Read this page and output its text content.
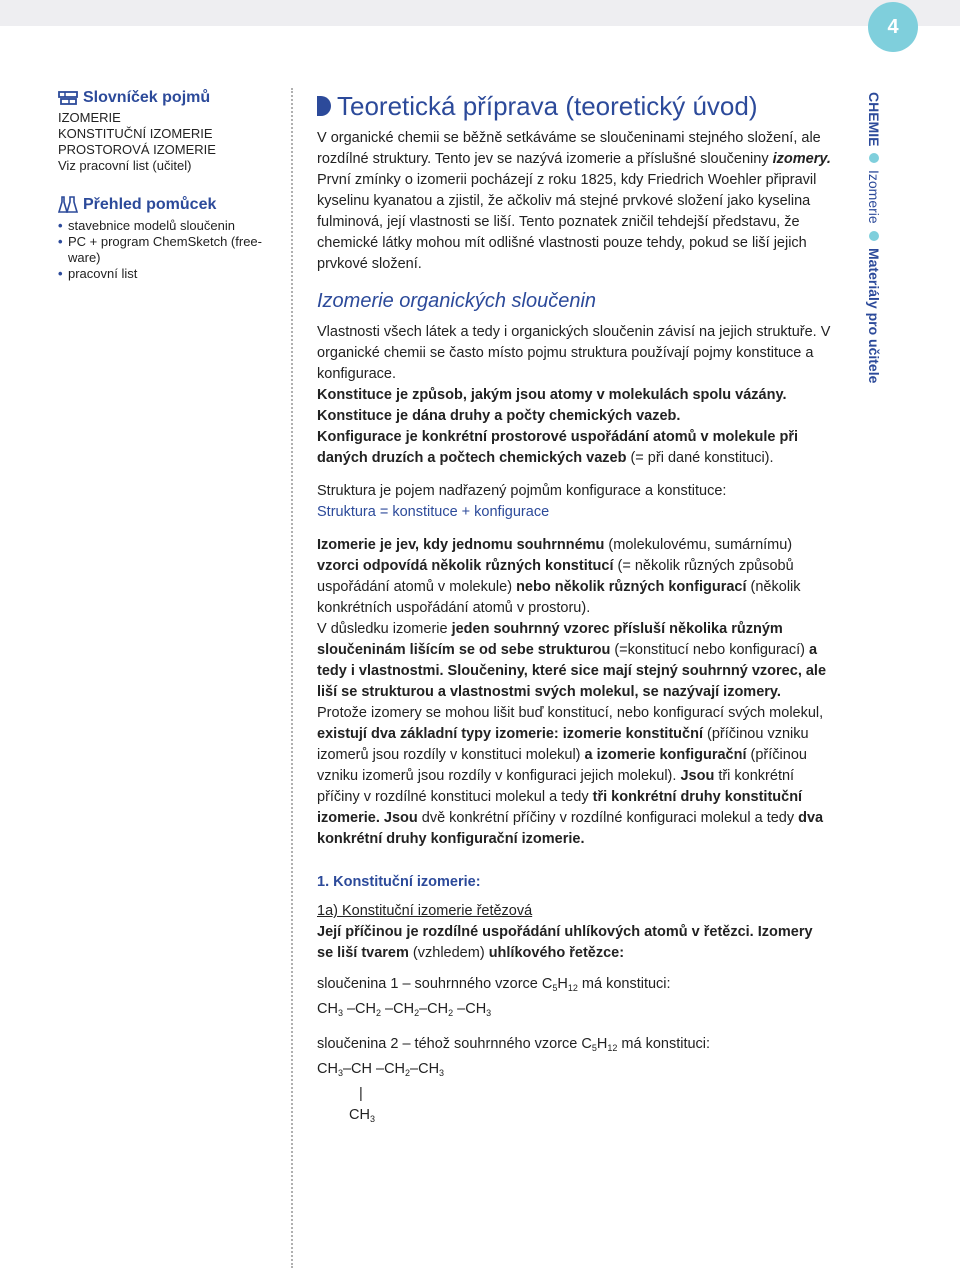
4
CHEMIE
Izomerie
Materiály pro učitele
Slovníček pojmů
IZOMERIE
KONSTITUČNÍ IZOMERIE
PROSTOROVÁ IZOMERIE
Viz pracovní list (učitel)
Přehled pomůcek
• stavebnice modelů sloučenin
• PC + program ChemSketch (free-ware)
• pracovní list
Teoretická příprava (teoretický úvod)

V organické chemii se běžně setkáváme se sloučeninami stejného složení, ale rozdílné struktury. Tento jev se nazývá izomerie a příslušné sloučeniny izomery.

První zmínky o izomerii pocházejí z roku 1825, kdy Friedrich Woehler připravil kyselinu kyanatou a zjistil, že ačkoliv má stejné prvkové složení jako kyselina fulminová, její vlastnosti se liší. Tento poznatek zničil tehdejší představu, že chemické látky mohou mít odlišné vlastnosti pouze tehdy, pokud se liší jejich prvkové složení.

Izomerie organických sloučenin

Vlastnosti všech látek a tedy i organických sloučenin závisí na jejich struktuře. V organické chemii se často místo pojmu struktura používají pojmy konstituce a konfigurace.

Konstituce je způsob, jakým jsou atomy v molekulách spolu vázány. Konstituce je dána druhy a počty chemických vazeb.

Konfigurace je konkrétní prostorové uspořádání atomů v molekule při daných druzích a počtech chemických vazeb (= při dané konstituci).

Struktura je pojem nadřazený pojmům konfigurace a konstituce:

Struktura = konstituce + konfigurace

Izomerie je jev, kdy jednomu souhrnnému (molekulovému, sumárnímu) vzorci odpovídá několik různých konstitucí (= několik různých způsobů uspořádání atomů v molekule) nebo několik různých konfigurací (několik konkrétních uspořádání atomů v prostoru).

V důsledku izomerie jeden souhrnný vzorec přísluší několika různým sloučeninám lišícím se od sebe strukturou (=konstitucí nebo konfigurací) a tedy i vlastnostmi. Sloučeniny, které sice mají stejný souhrnný vzorec, ale liší se strukturou a vlastnostmi svých molekul, se nazývají izomery. Protože izomery se mohou lišit buď konstitucí, nebo konfigurací svých molekul, existují dva základní typy izomerie: izomerie konstituční (příčinou vzniku izomerů jsou rozdíly v konstituci molekul) a izomerie konfigurační (příčinou vzniku izomerů jsou rozdíly v konfiguraci jejich molekul). Jsou tři konkrétní příčiny v rozdílné konstituci molekul a tedy tři konkrétní druhy konstituční izomerie. Jsou dvě konkrétní příčiny v rozdílné konfiguraci molekul a tedy dva konkrétní druhy konfigurační izomerie.

1. Konstituční izomerie:

1a) Konstituční izomerie řetězová

Její příčinou je rozdílné uspořádání uhlíkových atomů v řetězci. Izomery se liší tvarem (vzhledem) uhlíkového řetězce:

sloučenina 1 – souhrnného vzorce $C_5H_{12}$ má konstituci:

$CH_3$ $-CH_2$ $-CH_2-CH_2$ $-CH_3$

sloučenina 2 – téhož souhrnného vzorce $C_5H_{12}$ má konstituci:

$CH_3-CH$ $-CH_2-CH_3$

|

$CH_3$
